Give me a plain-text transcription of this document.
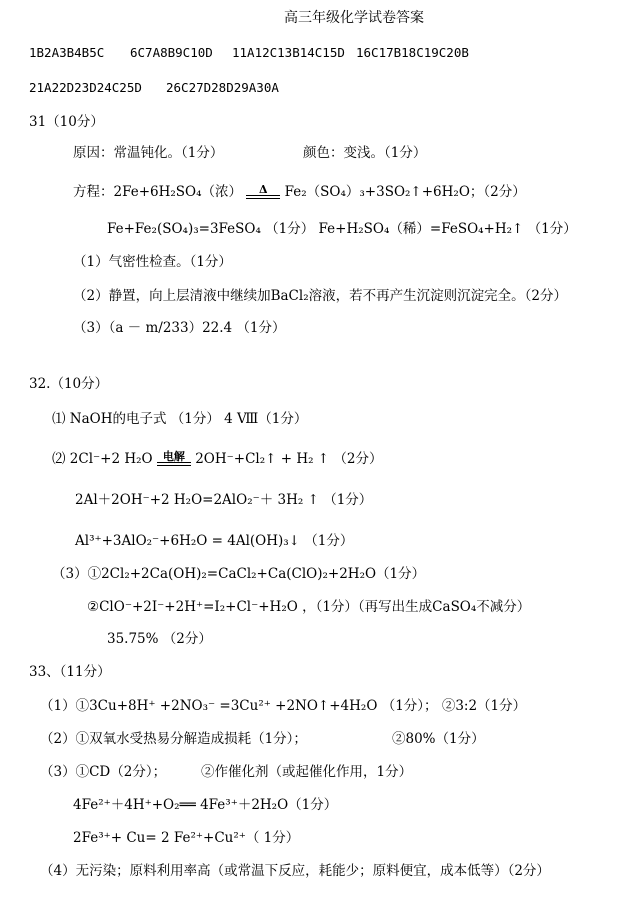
高三年级化学试卷答案
1B2A3B4B5C 6C7A8B9C10D 11A12C13B14C15D 16C17B18C19C20B
21A22D23D24C25D 26C27D28D29A30A
31（10分）
原因：常温钝化。（1分）	颜色：变浅。（1分）
方程：2Fe+6H₂SO₄（浓）	Δ	Fe₂（SO₄）₃+3SO₂↑+6H₂O；（2分）
Fe+Fe₂(SO₄)₃=3FeSO₄ （1分） Fe+H₂SO₄（稀）=FeSO₄+H₂↑ （1分）
（1）气密性检查。（1分）
（2）静置，向上层清液中继续加BaCl₂溶液，若不再产生沉淀则沉淀完全。（2分）
（3）（a － m/233）22.4 （1分）
32.（10分）
⑴ NaOH的电子式 （1分） 4 Ⅷ（1分）
⑵ 2Cl⁻+2 H₂O 电解 2OH⁻+Cl₂↑ + H₂ ↑ （2分）
2Al＋2OH⁻+2 H₂O=2AlO₂⁻＋ 3H₂ ↑ （1分）
Al³⁺+3AlO₂⁻+6H₂O = 4Al(OH)₃↓ （1分）
（3）①2Cl₂+2Ca(OH)₂=CaCl₂+Ca(ClO)₂+2H₂O（1分）
②ClO⁻+2I⁻+2H⁺=I₂+Cl⁻+H₂O ，（1分）（再写出生成CaSO₄不减分）
35.75% （2分）
33、（11分）
（1）①3Cu+8H⁺ +2NO₃⁻ =3Cu²⁺ +2NO↑+4H₂O （1分）； ②3:2（1分）
（2）①双氧水受热易分解造成损耗（1分）；	②80%（1分）
（3）①CD（2分）；	②作催化剂（或起催化作用，1分）
4Fe²⁺＋4H⁺+O₂══ 4Fe³⁺＋2H₂O（1分）
2Fe³⁺+ Cu= 2 Fe²⁺+Cu²⁺（ 1分）
（4）无污染；原料利用率高（或常温下反应，耗能少；原料便宜，成本低等）（2分）
